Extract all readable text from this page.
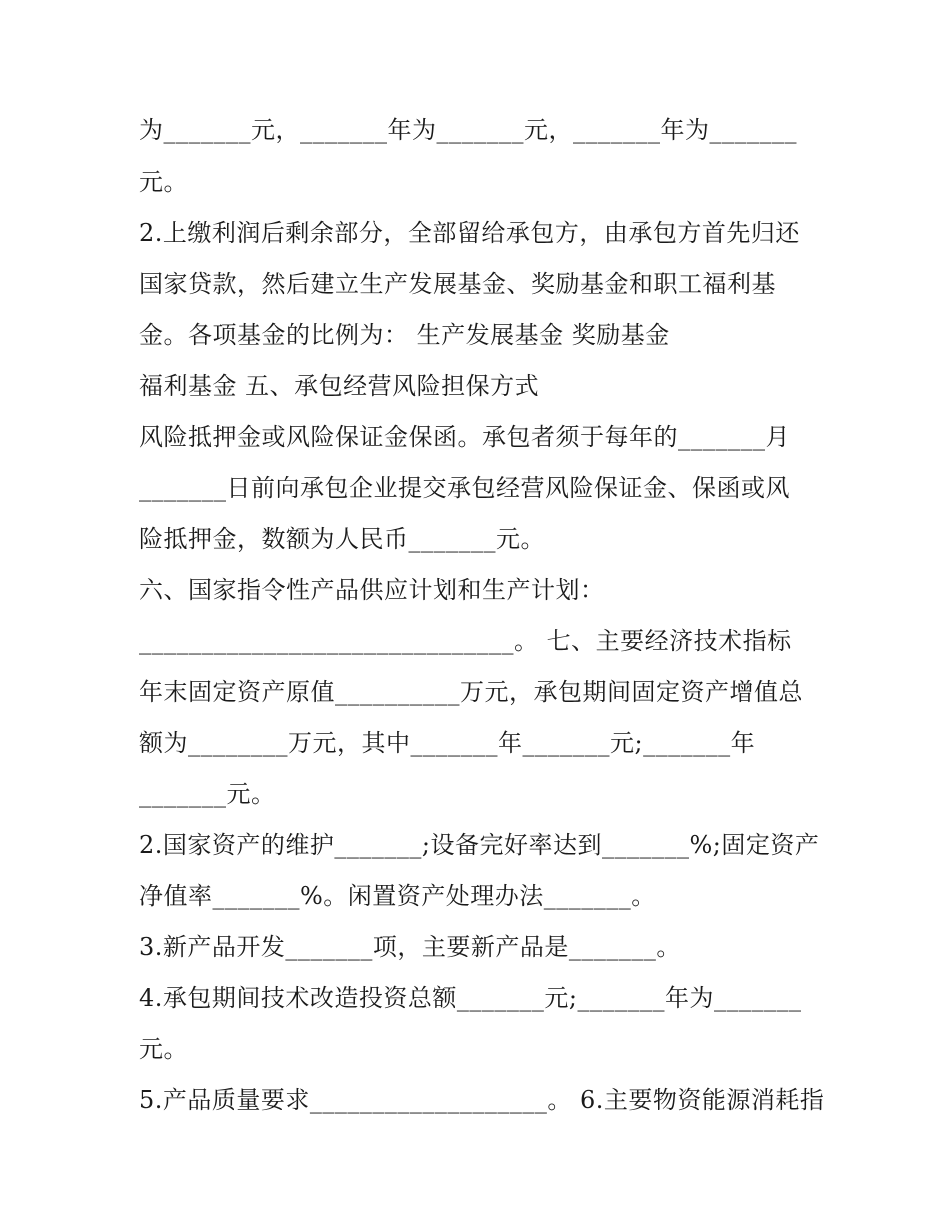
为_______元，_______年为_______元，_______年为_______
元。
2.上缴利润后剩余部分，全部留给承包方，由承包方首先归还
国家贷款，然后建立生产发展基金、奖励基金和职工福利基
金。各项基金的比例为： 生产发展基金 奖励基金
福利基金 五、承包经营风险担保方式
风险抵押金或风险保证金保函。承包者须于每年的_______月
_______日前向承包企业提交承包经营风险保证金、保函或风
险抵押金，数额为人民币_______元。
六、国家指令性产品供应计划和生产计划：
______________________________。 七、主要经济技术指标
年末固定资产原值__________万元，承包期间固定资产增值总
额为________万元，其中_______年_______元;_______年
_______元。
2.国家资产的维护_______;设备完好率达到_______%;固定资产
净值率_______%。闲置资产处理办法_______。
3.新产品开发_______项，主要新产品是_______。
4.承包期间技术改造投资总额_______元;_______年为_______
元。
5.产品质量要求___________________。 6.主要物资能源消耗指
